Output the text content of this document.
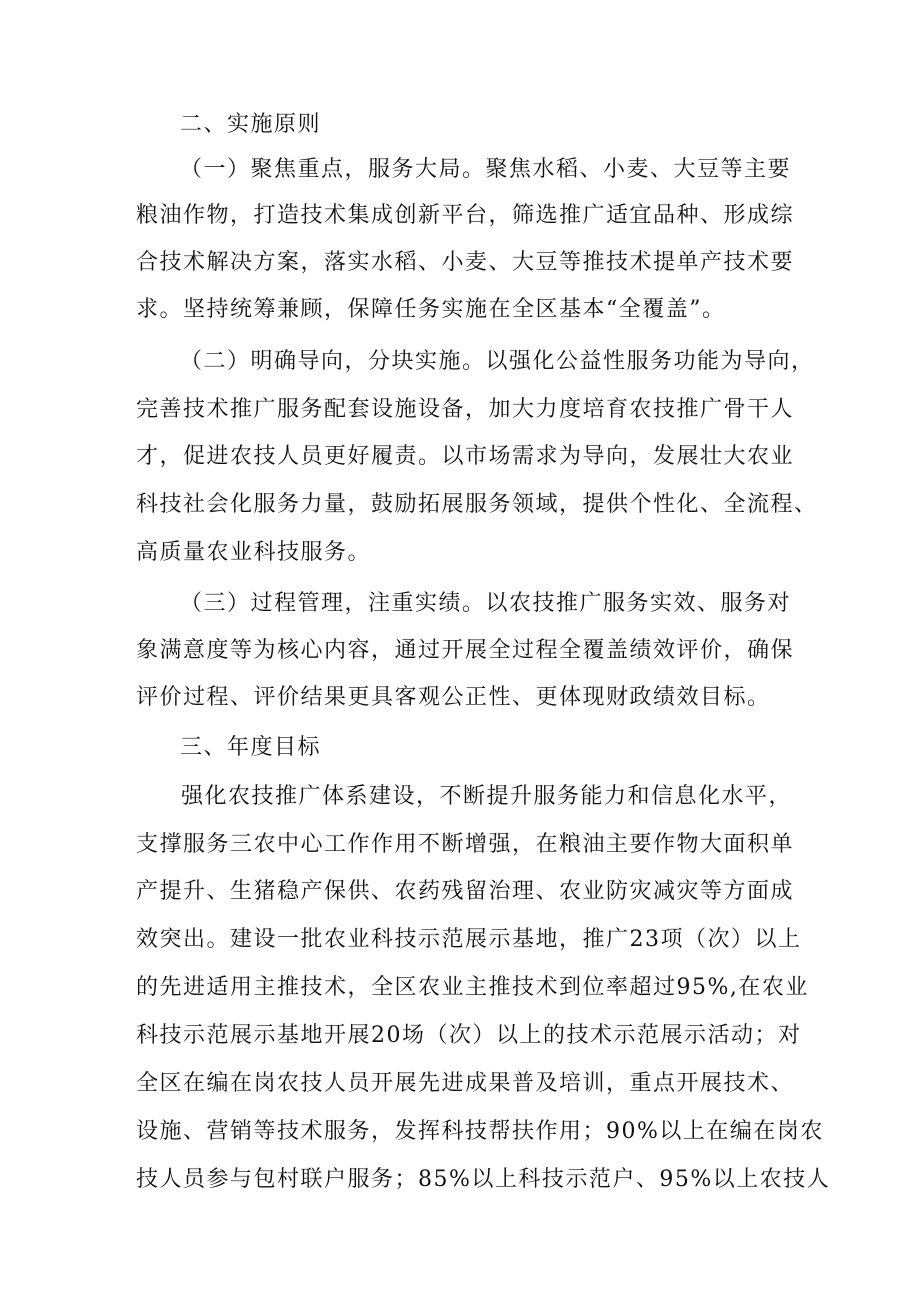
二、实施原则
（一）聚焦重点，服务大局。聚焦水稻、小麦、大豆等主要
粮油作物，打造技术集成创新平台，筛选推广适宜品种、形成综
合技术解决方案，落实水稻、小麦、大豆等推技术提单产技术要
求。坚持统筹兼顾，保障任务实施在全区基本“全覆盖”。
（二）明确导向，分块实施。以强化公益性服务功能为导向，
完善技术推广服务配套设施设备，加大力度培育农技推广骨干人
才，促进农技人员更好履责。以市场需求为导向，发展壮大农业
科技社会化服务力量，鼓励拓展服务领域，提供个性化、全流程、
高质量农业科技服务。
（三）过程管理，注重实绩。以农技推广服务实效、服务对
象满意度等为核心内容，通过开展全过程全覆盖绩效评价，确保
评价过程、评价结果更具客观公正性、更体现财政绩效目标。
三、年度目标
强化农技推广体系建设，不断提升服务能力和信息化水平，
支撑服务三农中心工作作用不断增强，在粮油主要作物大面积单
产提升、生猪稳产保供、农药残留治理、农业防灾减灾等方面成
效突出。建设一批农业科技示范展示基地，推广23项（次）以上
的先进适用主推技术，全区农业主推技术到位率超过95%,在农业
科技示范展示基地开展20场（次）以上的技术示范展示活动；对
全区在编在岗农技人员开展先进成果普及培训，重点开展技术、
设施、营销等技术服务，发挥科技帮扶作用；90%以上在编在岗农
技人员参与包村联户服务；85%以上科技示范户、95%以上农技人
